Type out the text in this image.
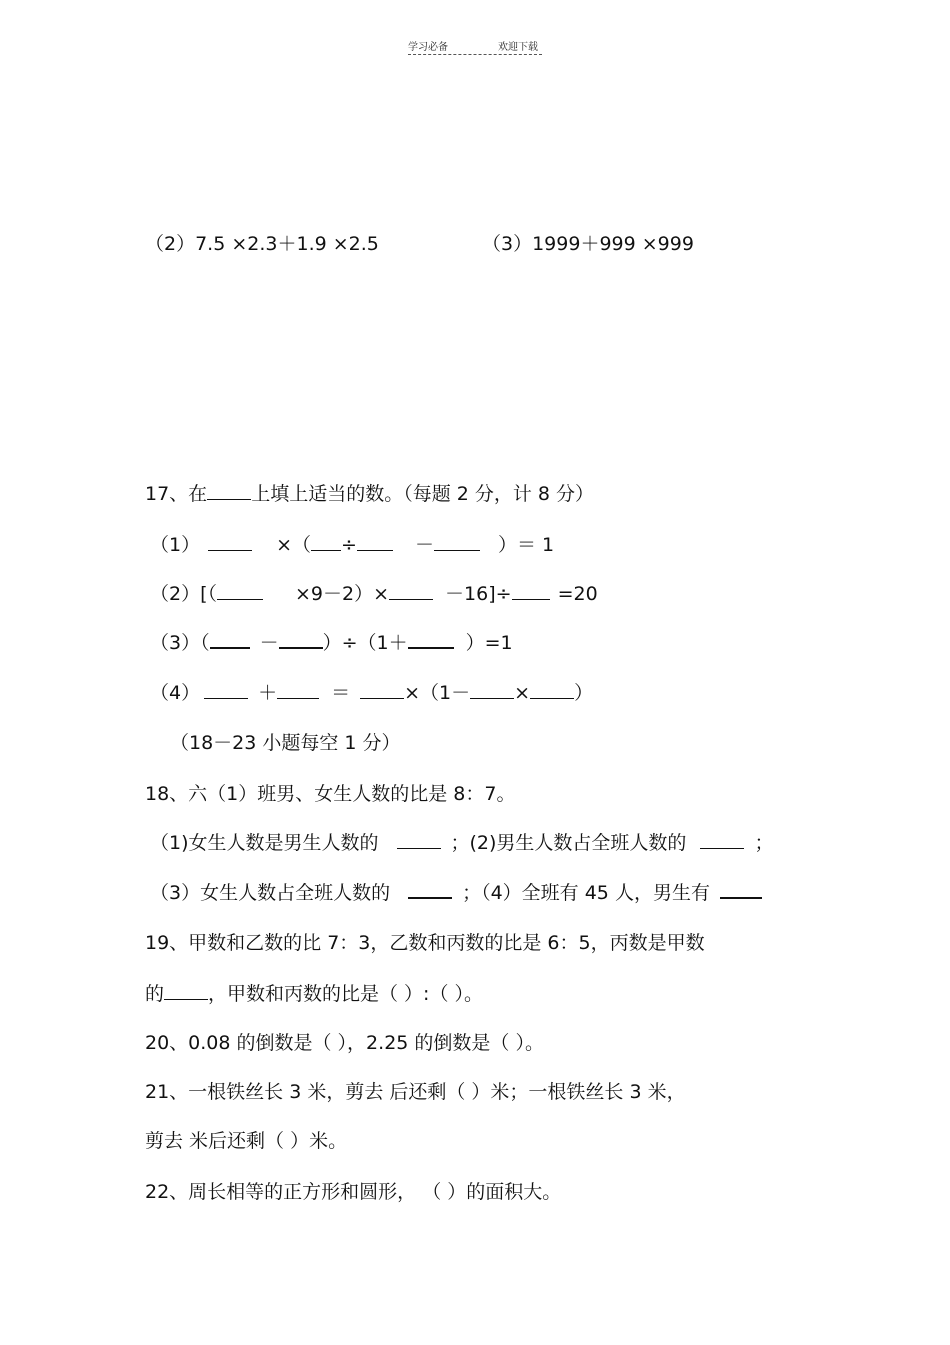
学习必备	欢迎下载
（2）7.5 ×2.3＋1.9 ×2.5	（3）1999＋999 ×999
17、在 上填上适当的数。（每题 2 分，计 8 分）
（1）	×（ ÷	－	）＝ 1
（2）[（	×9－2）×	－16]÷ =20
（3）（	－ ）÷（1＋	）=1
（4）	＋	＝	×（1－ × ）
（18－23 小题每空 1 分）
18、六（1）班男、女生人数的比是 8：7。
（1)女生人数是男生人数的	；(2)男生人数占全班人数的	；
（3）女生人数占全班人数的	；（4）全班有 45 人，男生有
19、甲数和乙数的比 7：3，乙数和丙数的比是 6：5，丙数是甲数
的 ，甲数和丙数的比是（ ）:（ ）。
20、0.08 的倒数是（ ），2.25 的倒数是（ ）。
21、一根铁丝长 3 米，剪去 后还剩（ ）米；一根铁丝长 3 米，
剪去 米后还剩（ ）米。
22、周长相等的正方形和圆形， （ ）的面积大。
